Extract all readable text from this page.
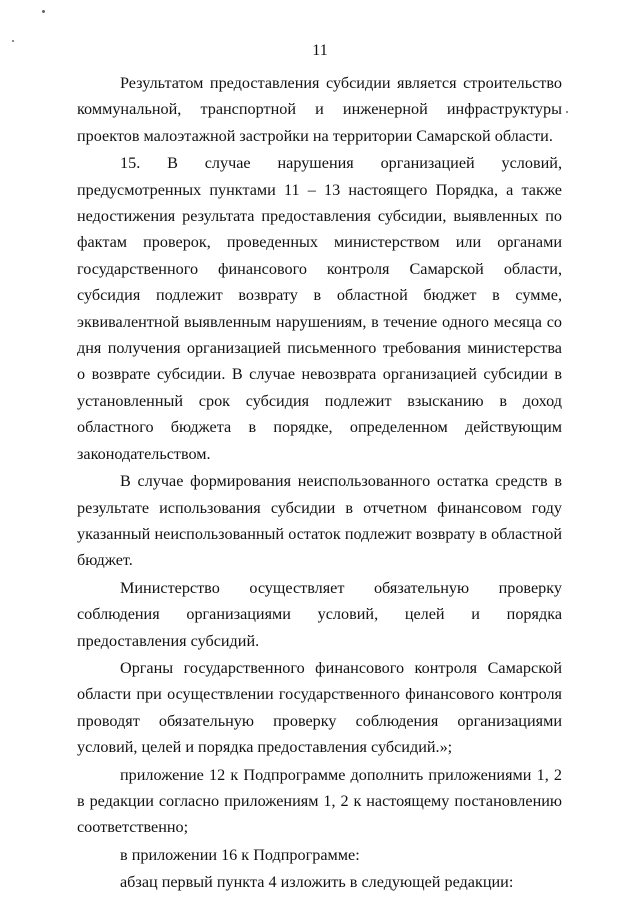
11

Результатом предоставления субсидии является строительство коммунальной, транспортной и инженерной инфраструктуры проектов малоэтажной застройки на территории Самарской области.

15. В случае нарушения организацией условий, предусмотренных пунктами 11 – 13 настоящего Порядка, а также недостижения результата предоставления субсидии, выявленных по фактам проверок, проведенных министерством или органами государственного финансового контроля Самарской области, субсидия подлежит возврату в областной бюджет в сумме, эквивалентной выявленным нарушениям, в течение одного месяца со дня получения организацией письменного требования министерства о возврате субсидии. В случае невозврата организацией субсидии в установленный срок субсидия подлежит взысканию в доход областного бюджета в порядке, определенном действующим законодательством.

В случае формирования неиспользованного остатка средств в результате использования субсидии в отчетном финансовом году указанный неиспользованный остаток подлежит возврату в областной бюджет.

Министерство осуществляет обязательную проверку соблюдения организациями условий, целей и порядка предоставления субсидий.

Органы государственного финансового контроля Самарской области при осуществлении государственного финансового контроля проводят обязательную проверку соблюдения организациями условий, целей и порядка предоставления субсидий.»;

приложение 12 к Подпрограмме дополнить приложениями 1, 2 в редакции согласно приложениям 1, 2 к настоящему постановлению соответственно;

в приложении 16 к Подпрограмме:

абзац первый пункта 4 изложить в следующей редакции:
